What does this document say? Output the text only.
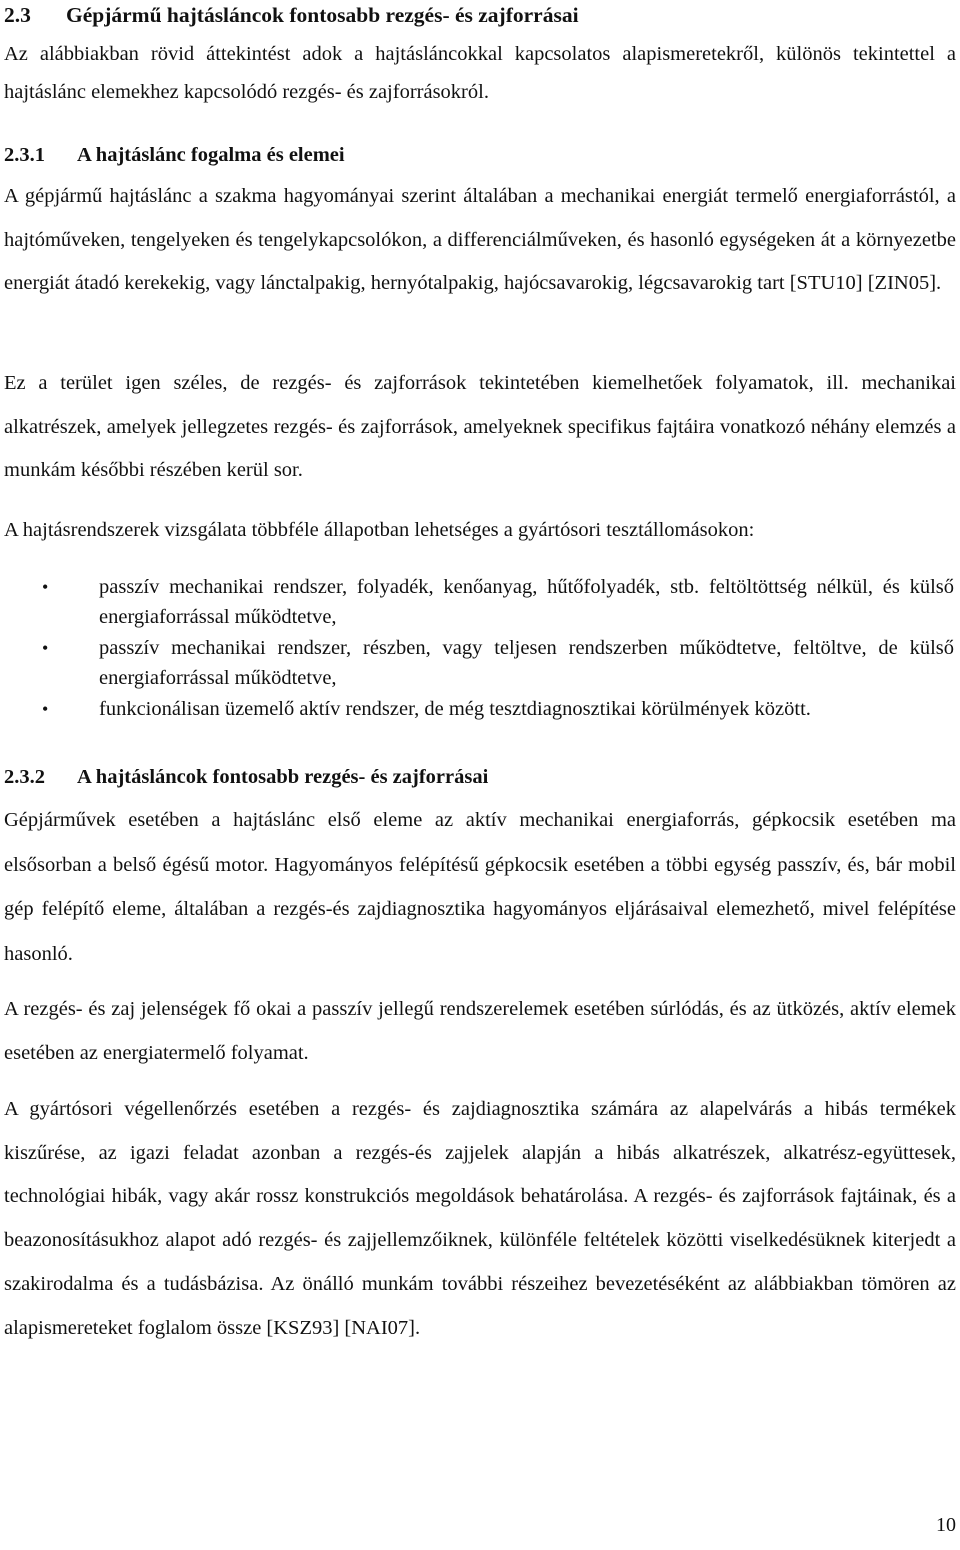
2.3 Gépjármű hajtásláncok fontosabb rezgés- és zajforrásai

Az alábbiakban rövid áttekintést adok a hajtásláncokkal kapcsolatos alapismeretekről, különös tekintettel a hajtáslánc elemekhez kapcsolódó rezgés- és zajforrásokról.

2.3.1 A hajtáslánc fogalma és elemei

A gépjármű hajtáslánc a szakma hagyományai szerint általában a mechanikai energiát termelő energiaforrástól, a hajtóműveken, tengelyeken és tengelykapcsolókon, a differenciálműveken, és hasonló egységeken át a környezetbe energiát átadó kerekekig, vagy lánctalpakig, hernyótalpakig, hajócsavarokig, légcsavarokig tart [STU10] [ZIN05].

Ez a terület igen széles, de rezgés- és zajforrások tekintetében kiemelhetőek folyamatok, ill. mechanikai alkatrészek, amelyek jellegzetes rezgés- és zajforrások, amelyeknek specifikus fajtáira vonatkozó néhány elemzés a munkám későbbi részében kerül sor.

A hajtásrendszerek vizsgálata többféle állapotban lehetséges a gyártósori tesztállomásokon:

• passzív mechanikai rendszer, folyadék, kenőanyag, hűtőfolyadék, stb. feltöltöttség nélkül, és külső energiaforrással működtetve,
• passzív mechanikai rendszer, részben, vagy teljesen rendszerben működtetve, feltöltve, de külső energiaforrással működtetve,
• funkcionálisan üzemelő aktív rendszer, de még tesztdiagnosztikai körülmények között.
2.3.2 A hajtásláncok fontosabb rezgés- és zajforrásai

Gépjárművek esetében a hajtáslánc első eleme az aktív mechanikai energiaforrás, gépkocsik esetében ma elsősorban a belső égésű motor. Hagyományos felépítésű gépkocsik esetében a többi egység passzív, és, bár mobil gép felépítő eleme, általában a rezgés-és zajdiagnosztika hagyományos eljárásaival elemezhető, mivel felépítése hasonló.

A rezgés- és zaj jelenségek fő okai a passzív jellegű rendszerelemek esetében súrlódás, és az ütközés, aktív elemek esetében az energiatermelő folyamat.

A gyártósori végellenőrzés esetében a rezgés- és zajdiagnosztika számára az alapelvárás a hibás termékek kiszűrése, az igazi feladat azonban a rezgés-és zajjelek alapján a hibás alkatrészek, alkatrész-együttesek, technológiai hibák, vagy akár rossz konstrukciós megoldások behatárolása. A rezgés- és zajforrások fajtáinak, és a beazonosításukhoz alapot adó rezgés- és zajjellemzőiknek, különféle feltételek közötti viselkedésüknek kiterjedt a szakirodalma és a tudásbázisa. Az önálló munkám további részeihez bevezetéséként az alábbiakban tömören az alapismereteket foglalom össze [KSZ93] [NAI07].

10
